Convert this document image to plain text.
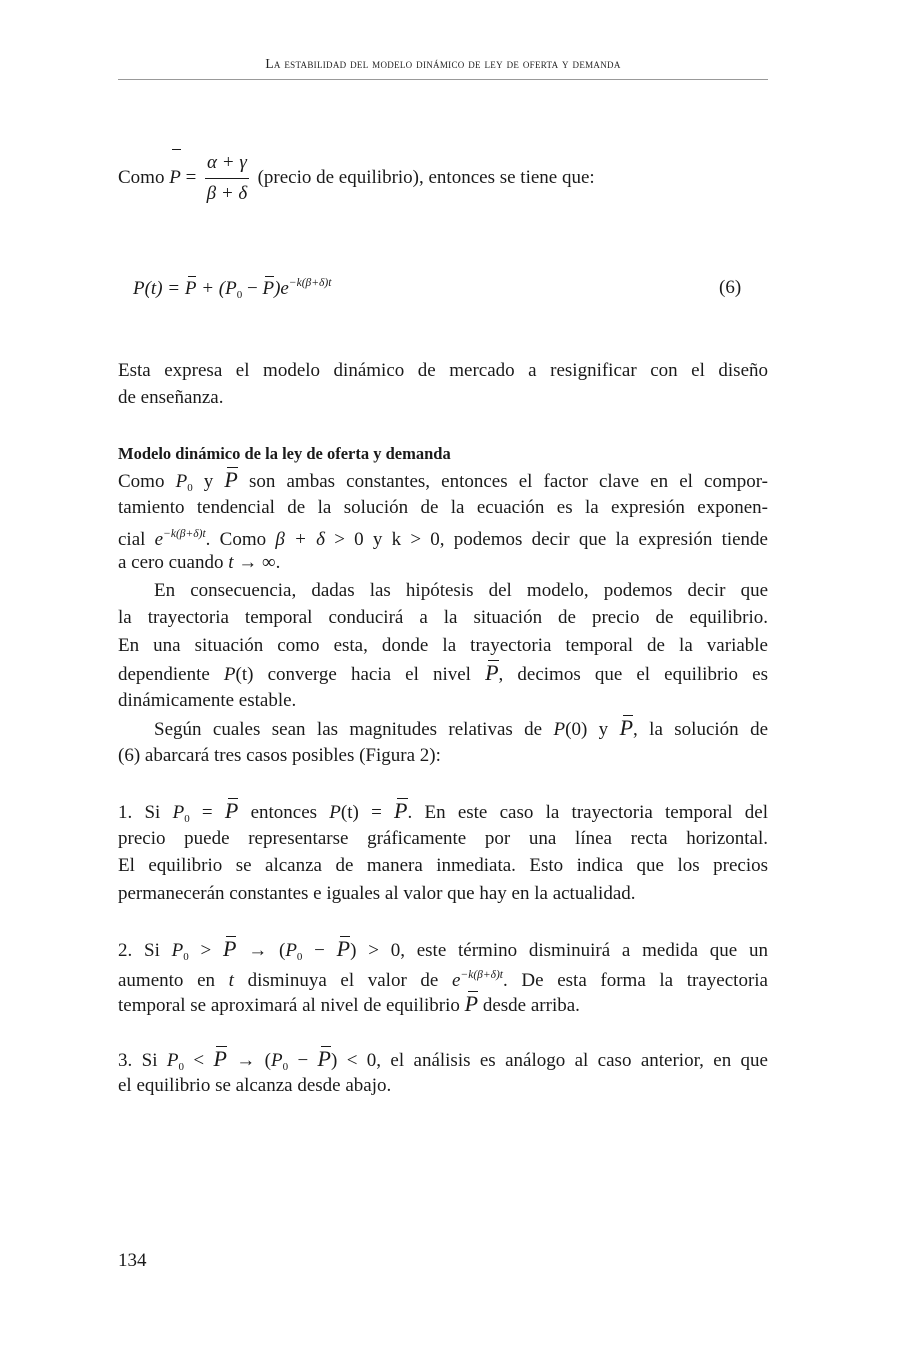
La estabilidad del modelo dinámico de ley de oferta y demanda
Como $P = \frac{\alpha + \gamma}{\beta + \delta}$ (precio de equilibrio), entonces se tiene que:
$P(t) = P + (P_0 - P)e^{-k(\beta+\delta)t}$	(6)
Esta expresa el modelo dinámico de mercado a resignificar con el diseño
de enseñanza.
Modelo dinámico de la ley de oferta y demanda
Como $P_0$ y P son ambas constantes, entonces el factor clave en el compor-
tamiento tendencial de la solución de la ecuación es la expresión exponen-
cial $e^{-k(\beta+\delta)t}$. Como β + δ > 0 y k > 0, podemos decir que la expresión tiende
a cero cuando t → ∞.
En consecuencia, dadas las hipótesis del modelo, podemos decir que
la trayectoria temporal conducirá a la situación de precio de equilibrio.
En una situación como esta, donde la trayectoria temporal de la variable
dependiente P(t) converge hacia el nivel P, decimos que el equilibrio es
dinámicamente estable.
Según cuales sean las magnitudes relativas de P(0) y P, la solución de
(6) abarcará tres casos posibles (Figura 2):
1. Si $P_0 = P$ entonces P(t) = P. En este caso la trayectoria temporal del
precio puede representarse gráficamente por una línea recta horizontal.
El equilibrio se alcanza de manera inmediata. Esto indica que los precios
permanecerán constantes e iguales al valor que hay en la actualidad.
2. Si $P_0 > P \to (P_0 - P) > 0$, este término disminuirá a medida que un
aumento en t disminuya el valor de $e^{-k(\beta+\delta)t}$. De esta forma la trayectoria
temporal se aproximará al nivel de equilibrio P desde arriba.
3. Si $P_0 < P \to (P_0 - P) < 0$, el análisis es análogo al caso anterior, en que
el equilibrio se alcanza desde abajo.
134
